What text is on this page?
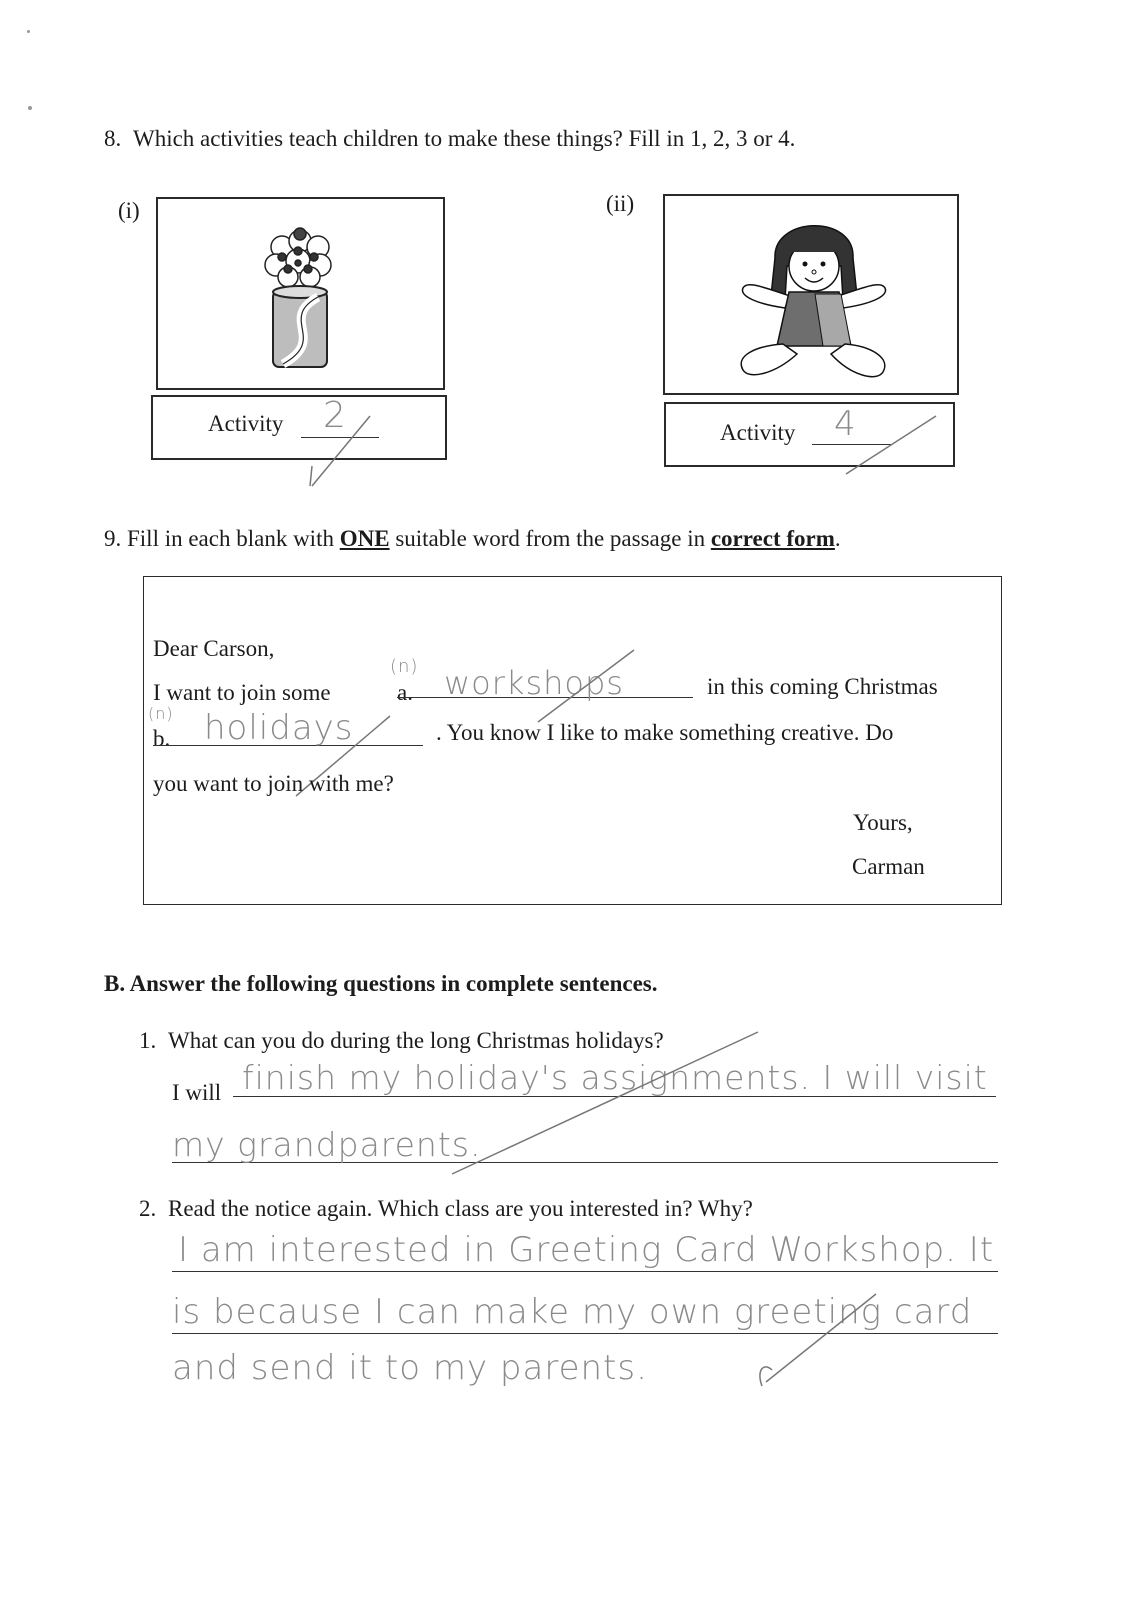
8. Which activities teach children to make these things? Fill in 1, 2, 3 or 4.
(i)
Activity 2
(ii)
Activity 4
9. Fill in each blank with ONE suitable word from the passage in correct form.
Dear Carson,
I want to join some	a.
(n) workshops	in this coming Christmas
b.
(n) holidays	. You know I like to make something creative. Do
you want to join with me?
Yours,
Carman
B. Answer the following questions in complete sentences.
1. What can you do during the long Christmas holidays?
I will finish my holiday's assignments. I will visit
my grandparents.
2. Read the notice again. Which class are you interested in? Why?
I am interested in Greeting Card Workshop. It
is because I can make my own greeting card
and send it to my parents.
